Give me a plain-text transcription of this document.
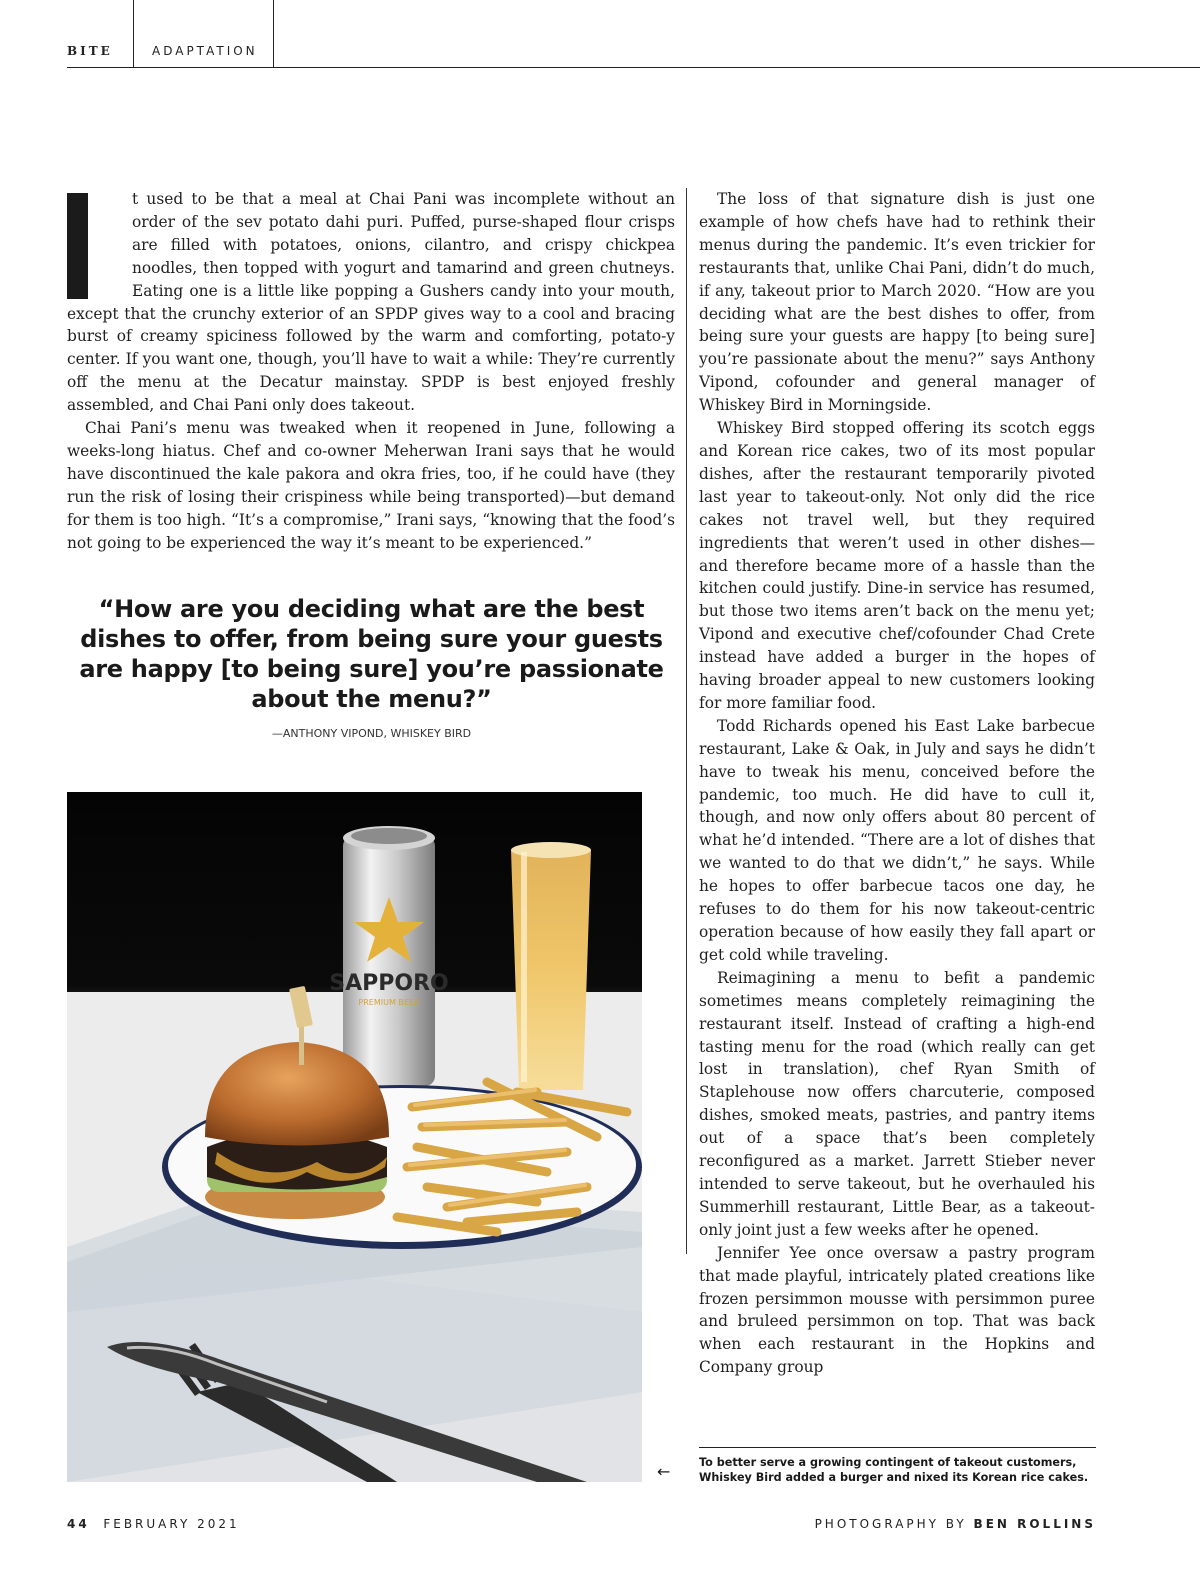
BITE	ADAPTATION

t used to be that a meal at Chai Pani was incomplete without an order of the sev potato dahi puri. Puffed, purse-shaped flour crisps are filled with potatoes, onions, cilantro, and crispy chickpea noodles, then topped with yogurt and tamarind and green chutneys. Eating one is a little like popping a Gushers candy into your mouth, except that the crunchy exterior of an SPDP gives way to a cool and bracing burst of creamy spiciness followed by the warm and comforting, potato-y center. If you want one, though, you’ll have to wait a while: They’re currently off the menu at the Decatur mainstay. SPDP is best enjoyed freshly assembled, and Chai Pani only does takeout.

Chai Pani’s menu was tweaked when it reopened in June, following a weeks-long hiatus. Chef and co-owner Meherwan Irani says that he would have discontinued the kale pakora and okra fries, too, if he could have (they run the risk of losing their crispiness while being transported)—but demand for them is too high. “It’s a compromise,” Irani says, “knowing that the food’s not going to be experienced the way it’s meant to be experienced.”

“How are you deciding what are the best dishes to offer, from being sure your guests are happy [to being sure] you’re passionate about the menu?”
—ANTHONY VIPOND, WHISKEY BIRD

The loss of that signature dish is just one example of how chefs have had to rethink their menus during the pandemic. It’s even trickier for restaurants that, unlike Chai Pani, didn’t do much, if any, takeout prior to March 2020. “How are you deciding what are the best dishes to offer, from being sure your guests are happy [to being sure] you’re passionate about the menu?” says Anthony Vipond, cofounder and general manager of Whiskey Bird in Morningside.

Whiskey Bird stopped offering its scotch eggs and Korean rice cakes, two of its most popular dishes, after the restaurant temporarily pivoted last year to takeout-only. Not only did the rice cakes not travel well, but they required ingredients that weren’t used in other dishes—and therefore became more of a hassle than the kitchen could justify. Dine-in service has resumed, but those two items aren’t back on the menu yet; Vipond and executive chef/cofounder Chad Crete instead have added a burger in the hopes of having broader appeal to new customers looking for more familiar food.

Todd Richards opened his East Lake barbecue restaurant, Lake & Oak, in July and says he didn’t have to tweak his menu, conceived before the pandemic, too much. He did have to cull it, though, and now only offers about 80 percent of what he’d intended. “There are a lot of dishes that we wanted to do that we didn’t,” he says. While he hopes to offer barbecue tacos one day, he refuses to do them for his now takeout-centric operation because of how easily they fall apart or get cold while traveling.

Reimagining a menu to befit a pandemic sometimes means completely reimagining the restaurant itself. Instead of crafting a high-end tasting menu for the road (which really can get lost in translation), chef Ryan Smith of Staplehouse now offers charcuterie, composed dishes, smoked meats, pastries, and pantry items out of a space that’s been completely reconfigured as a market. Jarrett Stieber never intended to serve takeout, but he overhauled his Summerhill restaurant, Little Bear, as a takeout-only joint just a few weeks after he opened.

Jennifer Yee once oversaw a pastry program that made playful, intricately plated creations like frozen persimmon mousse with persimmon puree and bruleed persimmon on top. That was back when each restaurant in the Hopkins and Company group

SAPPORO
PREMIUM BEER
←	To better serve a growing contingent of takeout customers, Whiskey Bird added a burger and nixed its Korean rice cakes.
44 FEBRUARY 2021	PHOTOGRAPHY BY BEN ROLLINS
